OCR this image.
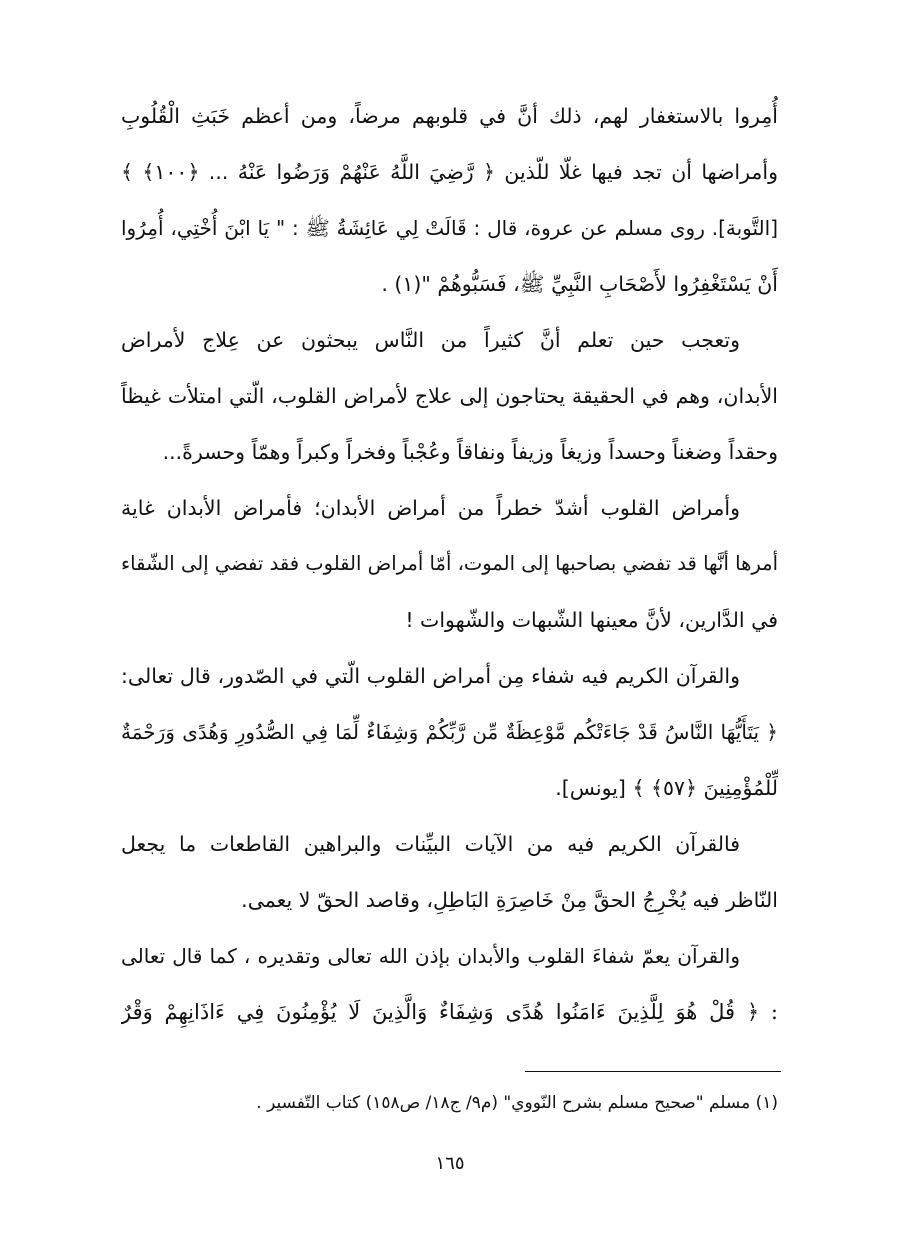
أُمِروا بالاستغفار لهم، ذلك أنَّ في قلوبهم مرضاً، ومن أعظم خَبَثِ الْقُلُوبِ
وأمراضها أن تجد فيها غلّا للّذين ﴿ رَّضِيَ اللَّهُ عَنْهُمْ وَرَضُوا عَنْهُ ... ﴿١٠٠﴾ ﴾
[التَّوبة]. روى مسلم عن عروة، قال : قَالَتْ لِي عَائِشَةُ ﷺ : " يَا ابْنَ أُخْتِي، أُمِرُوا
أَنْ يَسْتَغْفِرُوا لأَصْحَابِ النَّبِيِّ ﷺ، فَسَبُّوهُمْ "(١) .
وتعجب حين تعلم أنَّ كثيراً من النَّاس يبحثون عن عِلاج لأمراض
الأبدان، وهم في الحقيقة يحتاجون إلى علاج لأمراض القلوب، الّتي امتلأت غيظاً
وحقداً وضغناً وحسداً وزيغاً وزيفاً ونفاقاً وعُجْباً وفخراً وكبراً وهمّاً وحسرةً...
وأمراض القلوب أشدّ خطراً من أمراض الأبدان؛ فأمراض الأبدان غاية
أمرها أنَّها قد تفضي بصاحبها إلى الموت، أمّا أمراض القلوب فقد تفضي إلى الشّقاء
في الدَّارين، لأنَّ معينها الشّبهات والشّهوات !
والقرآن الكريم فيه شفاء مِن أمراض القلوب الّتي في الصّدور، قال تعالى:
﴿ يَتَأَيُّهَا النَّاسُ قَدْ جَاءَتْكُم مَّوْعِظَةٌ مِّن رَّبِّكُمْ وَشِفَاءٌ لِّمَا فِي الصُّدُورِ وَهُدًى وَرَحْمَةٌ
لِّلْمُؤْمِنِينَ ﴿٥٧﴾ ﴾ [يونس].
فالقرآن الكريم فيه من الآيات البيِّنات والبراهين القاطعات ما يجعل
النّاظر فيه يُخْرِجُ الحقَّ مِنْ خَاصِرَةِ البَاطِلِ، وقاصد الحقّ لا يعمى.
والقرآن يعمّ شفاءَ القلوب والأبدان بإذن الله تعالى وتقديره ، كما قال تعالى
: ﴿ قُلْ هُوَ لِلَّذِينَ ءَامَنُوا هُدًى وَشِفَاءٌ وَالَّذِينَ لَا يُؤْمِنُونَ فِي ءَاذَانِهِمْ وَقْرٌ
(١) مسلم "صحيح مسلم بشرح النّووي" (م٩/ ج١٨/ ص١٥٨) كتاب التّفسير .
١٦٥
